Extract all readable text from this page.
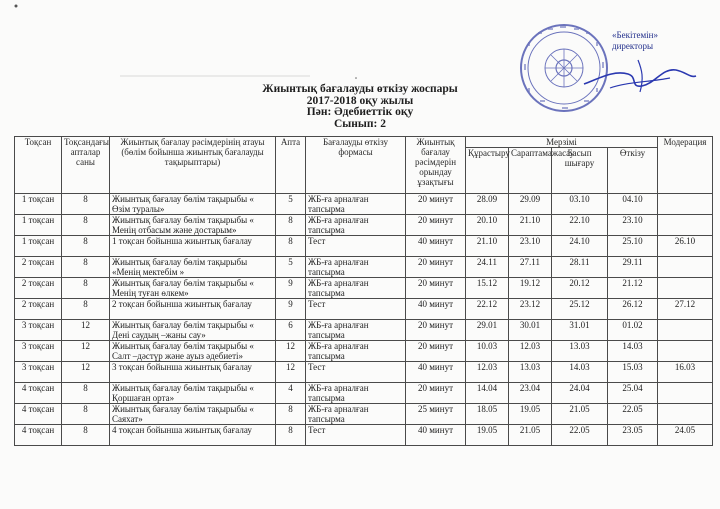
«Бекітемін»
директоры
Жиынтық бағалауды өткізу жоспары
2017-2018 оқу жылы
Пән: Әдебиеттік оқу
Сынып: 2
Тоқсан	Тоқсандағы апталар саны	Жиынтық бағалау рәсімдерінің атауы (бөлім бойынша жиынтық бағалауды тақырыптары)	Апта	Бағалауды өткізу формасы	Жиынтық бағалау рәсімдерін орындау ұзақтығы	Мерзімі				Модерация
						Құрастыру	Сараптамажасау	Басып шығару	Өткізу	
1 тоқсан	8	Жиынтық бағалау бөлім тақырыбы « Өзім туралы»	5	ЖБ-ға арналған тапсырма	20 минут	28.09	29.09	03.10	04.10	
1 тоқсан	8	Жиынтық бағалау бөлім тақырыбы « Менің отбасым және достарым»	8	ЖБ-ға арналған тапсырма	20 минут	20.10	21.10	22.10	23.10	
1 тоқсан	8	1 тоқсан бойынша жиынтық бағалау	8	Тест	40 минут	21.10	23.10	24.10	25.10	26.10
2 тоқсан	8	Жиынтық бағалау бөлім тақырыбы «Менің мектебім »	5	ЖБ-ға арналған тапсырма	20 минут	24.11	27.11	28.11	29.11	
2 тоқсан	8	Жиынтық бағалау бөлім тақырыбы « Менің туған өлкем»	9	ЖБ-ға арналған тапсырма	20 минут	15.12	19.12	20.12	21.12	
2 тоқсан	8	2 тоқсан бойынша жиынтық бағалау	9	Тест	40 минут	22.12	23.12	25.12	26.12	27.12
3 тоқсан	12	Жиынтық бағалау бөлім тақырыбы « Дені саудың –жаны сау»	6	ЖБ-ға арналған тапсырма	20 минут	29.01	30.01	31.01	01.02	
3 тоқсан	12	Жиынтық бағалау бөлім тақырыбы « Салт –дәстүр және ауыз әдебиеті»	12	ЖБ-ға арналған тапсырма	20 минут	10.03	12.03	13.03	14.03	
3 тоқсан	12	3 тоқсан бойынша жиынтық бағалау	12	Тест	40 минут	12.03	13.03	14.03	15.03	16.03
4 тоқсан	8	Жиынтық бағалау бөлім тақырыбы « Қоршаған орта»	4	ЖБ-ға арналған тапсырма	20 минут	14.04	23.04	24.04	25.04	
4 тоқсан	8	Жиынтық бағалау бөлім тақырыбы « Саяхат»	8	ЖБ-ға арналған тапсырма	25 минут	18.05	19.05	21.05	22.05	
4 тоқсан	8	4 тоқсан бойынша жиынтық бағалау	8	Тест	40 минут	19.05	21.05	22.05	23.05	24.05
